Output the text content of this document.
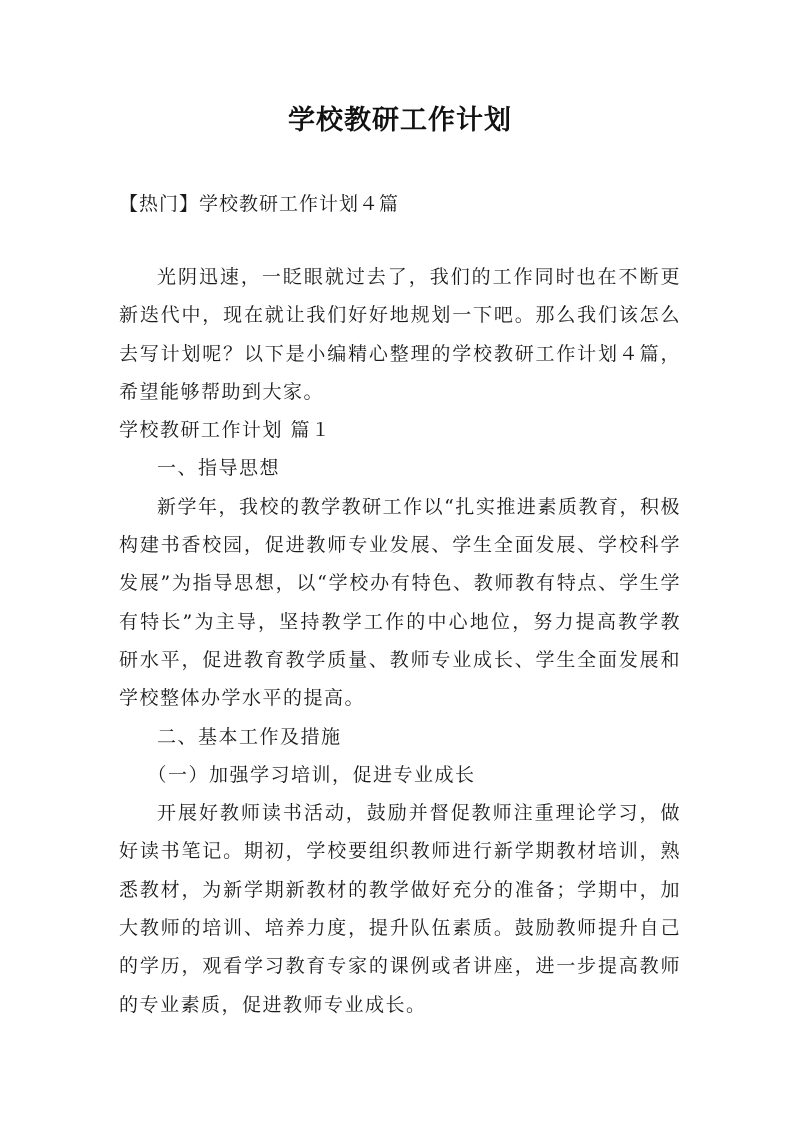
学校教研工作计划
【热门】学校教研工作计划４篇

光阴迅速，一眨眼就过去了，我们的工作同时也在不断更新迭代中，现在就让我们好好地规划一下吧。那么我们该怎么去写计划呢？以下是小编精心整理的学校教研工作计划４篇，希望能够帮助到大家。

学校教研工作计划 篇１

一、指导思想

新学年，我校的教学教研工作以“扎实推进素质教育，积极构建书香校园，促进教师专业发展、学生全面发展、学校科学发展”为指导思想，以“学校办有特色、教师教有特点、学生学有特长”为主导，坚持教学工作的中心地位，努力提高教学教研水平，促进教育教学质量、教师专业成长、学生全面发展和学校整体办学水平的提高。

二、基本工作及措施

（一）加强学习培训，促进专业成长

开展好教师读书活动，鼓励并督促教师注重理论学习，做好读书笔记。期初，学校要组织教师进行新学期教材培训，熟悉教材，为新学期新教材的教学做好充分的准备；学期中，加大教师的培训、培养力度，提升队伍素质。鼓励教师提升自己的学历，观看学习教育专家的课例或者讲座，进一步提高教师的专业素质，促进教师专业成长。
